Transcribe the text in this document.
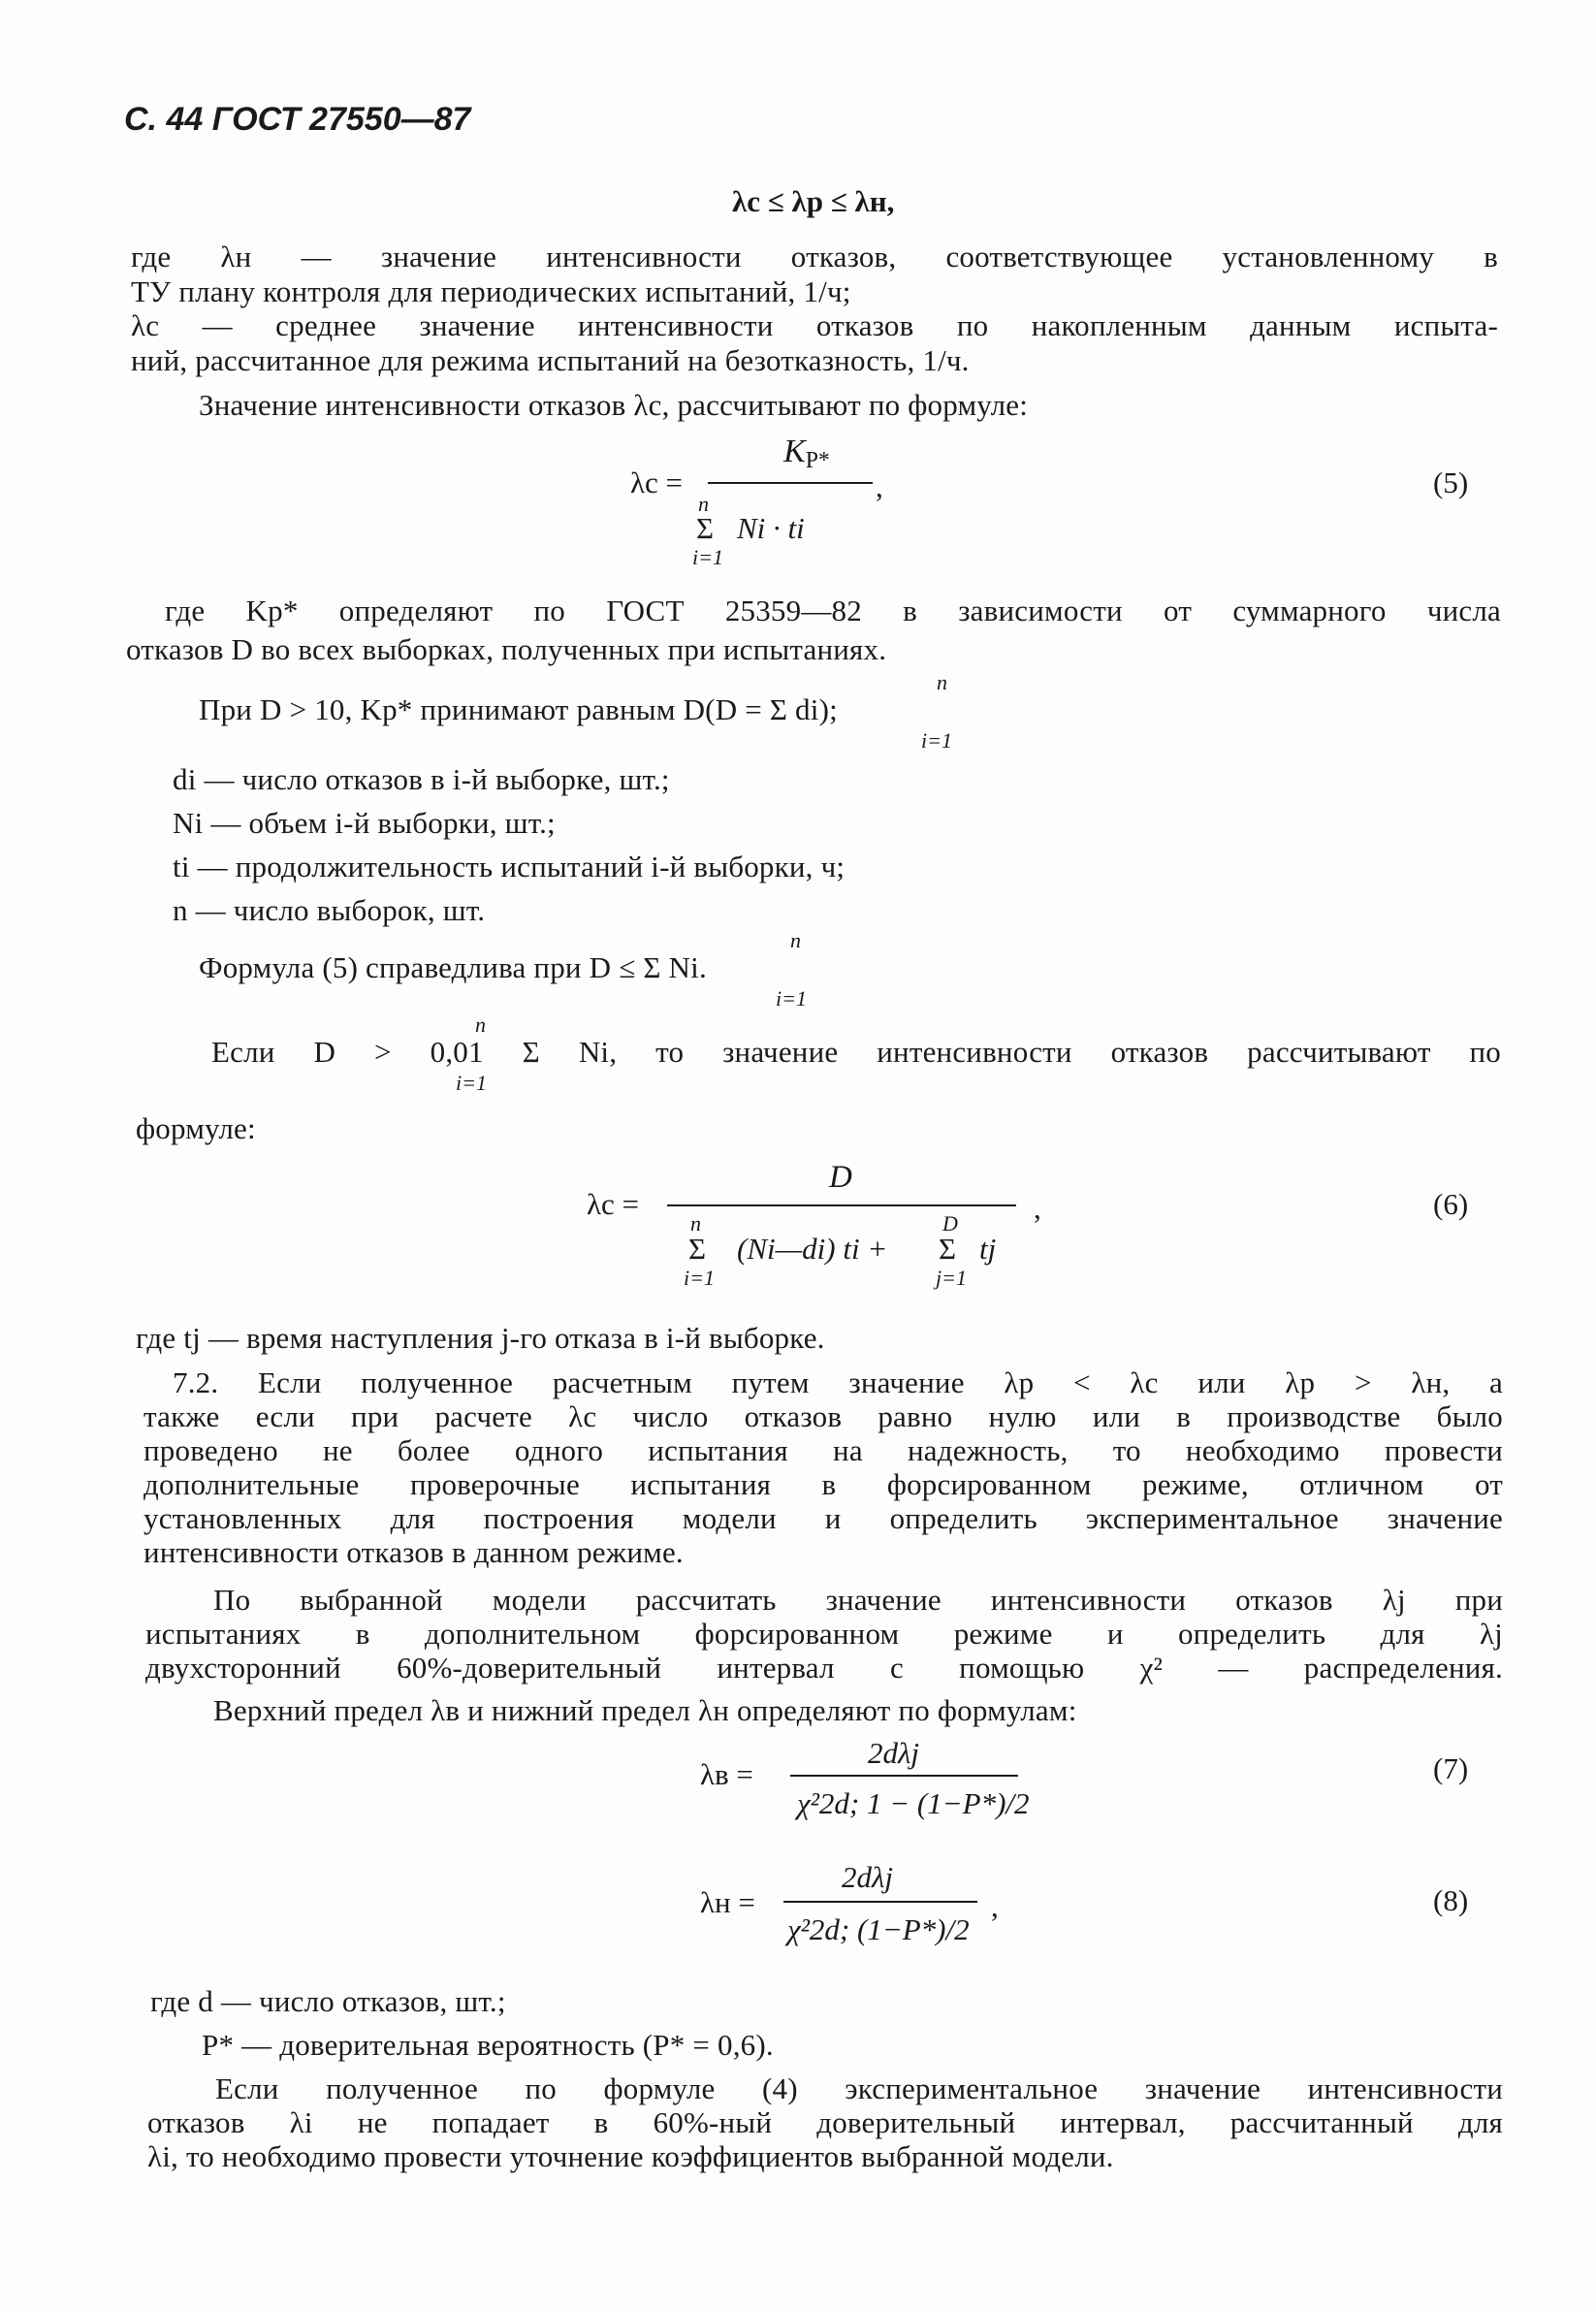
С. 44 ГОСТ 27550—87
λc ≤ λp ≤ λн,
где λн — значение интенсивности отказов, соответствующее установленному в
ТУ плану контроля для периодических испытаний, 1/ч;
λс — среднее значение интенсивности отказов по накопленным данным испыта-
ний, рассчитанное для режима испытаний на безотказность, 1/ч.
Значение интенсивности отказов λс, рассчитывают по формуле:
λс =
$K_{P*}$
n
Σ Ni · ti
i=1
,	(5)
где Kр* определяют по ГОСТ 25359—82 в зависимости от суммарного числа
отказов D во всех выборках, полученных при испытаниях.
n
При D > 10, Kр* принимают равным D(D = Σ di);
i=1
di — число отказов в i-й выборке, шт.;
Ni — объем i-й выборки, шт.;
ti — продолжительность испытаний i-й выборки, ч;
n — число выборок, шт.
n
Формула (5) справедлива при D ≤ Σ Ni.
i=1
n
Если D > 0,01 Σ Ni, то значение интенсивности отказов рассчитывают по
i=1
формуле:
D
λс =
n	D
Σ (Ni—di) ti + Σ tj
i=1	j=1
,	(6)
где tj — время наступления j-го отказа в i-й выборке.
7.2. Если полученное расчетным путем значение λр < λс или λр > λн, а
также если при расчете λс число отказов равно нулю или в производстве было
проведено не более одного испытания на надежность, то необходимо провести
дополнительные проверочные испытания в форсированном режиме, отличном от
установленных для построения модели и определить экспериментальное значение
интенсивности отказов в данном режиме.
По выбранной модели рассчитать значение интенсивности отказов λj при
испытаниях в дополнительном форсированном режиме и определить для λj
двухсторонний 60%-доверительный интервал с помощью χ² — распределения.
Верхний предел λв и нижний предел λн определяют по формулам:
2dλj
λв =
χ²2d; 1 − (1−P*)/2
(7)
2dλj
λн =
χ²2d; (1−P*)/2
,	(8)
где d — число отказов, шт.;
P* — доверительная вероятность (P* = 0,6).
Если полученное по формуле (4) экспериментальное значение интенсивности
отказов λi не попадает в 60%-ный доверительный интервал, рассчитанный для
λi, то необходимо провести уточнение коэффициентов выбранной модели.
